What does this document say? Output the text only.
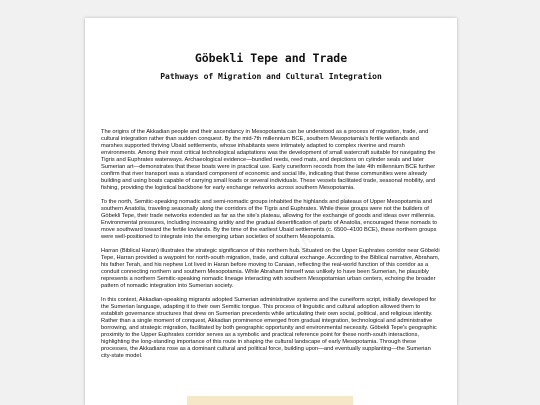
Göbekli Tepe and Trade
Pathways of Migration and Cultural Integration
Manuscript

The origins of the Akkadian people and their ascendancy in Mesopotamia can be understood as a process of migration, trade, and cultural integration rather than sudden conquest. By the mid-7th millennium BCE, southern Mesopotamia's fertile wetlands and marshes supported thriving Ubaid settlements, whose inhabitants were intimately adapted to complex riverine and marsh environments. Among their most critical technological adaptations was the development of small watercraft suitable for navigating the Tigris and Euphrates waterways. Archaeological evidence—bundled reeds, reed mats, and depictions on cylinder seals and later Sumerian art—demonstrates that these boats were in practical use. Early cuneiform records from the late 4th millennium BCE further confirm that river transport was a standard component of economic and social life, indicating that these communities were already building and using boats capable of carrying small loads or several individuals. These vessels facilitated trade, seasonal mobility, and fishing, providing the logistical backbone for early exchange networks across southern Mesopotamia.

To the north, Semitic-speaking nomadic and semi-nomadic groups inhabited the highlands and plateaus of Upper Mesopotamia and southern Anatolia, traveling seasonally along the corridors of the Tigris and Euphrates. While these groups were not the builders of Göbekli Tepe, their trade networks extended as far as the site's plateau, allowing for the exchange of goods and ideas over millennia. Environmental pressures, including increasing aridity and the gradual desertification of parts of Anatolia, encouraged these nomads to move southward toward the fertile lowlands. By the time of the earliest Ubaid settlements (c. 6500–4100 BCE), these northern groups were well-positioned to integrate into the emerging urban societies of southern Mesopotamia.

Harran (Biblical Haran) illustrates the strategic significance of this northern hub. Situated on the Upper Euphrates corridor near Göbekli Tepe, Harran provided a waypoint for north-south migration, trade, and cultural exchange. According to the Biblical narrative, Abraham, his father Terah, and his nephew Lot lived in Haran before moving to Canaan, reflecting the real-world function of this corridor as a conduit connecting northern and southern Mesopotamia. While Abraham himself was unlikely to have been Sumerian, he plausibly represents a northern Semitic-speaking nomadic lineage interacting with southern Mesopotamian urban centers, echoing the broader pattern of nomadic integration into Sumerian society.

In this context, Akkadian-speaking migrants adopted Sumerian administrative systems and the cuneiform script, initially developed for the Sumerian language, adapting it to their own Semitic tongue. This process of linguistic and cultural adoption allowed them to establish governance structures that drew on Sumerian precedents while articulating their own social, political, and religious identity. Rather than a single moment of conquest, Akkadian prominence emerged from gradual integration, technological and administrative borrowing, and strategic migration, facilitated by both geographic opportunity and environmental necessity. Göbekli Tepe's geographic proximity to the Upper Euphrates corridor serves as a symbolic and practical reference point for these north-south interactions, highlighting the long-standing importance of this route in shaping the cultural landscape of early Mesopotamia. Through these processes, the Akkadians rose as a dominant cultural and political force, building upon—and eventually supplanting—the Sumerian city-state model.
